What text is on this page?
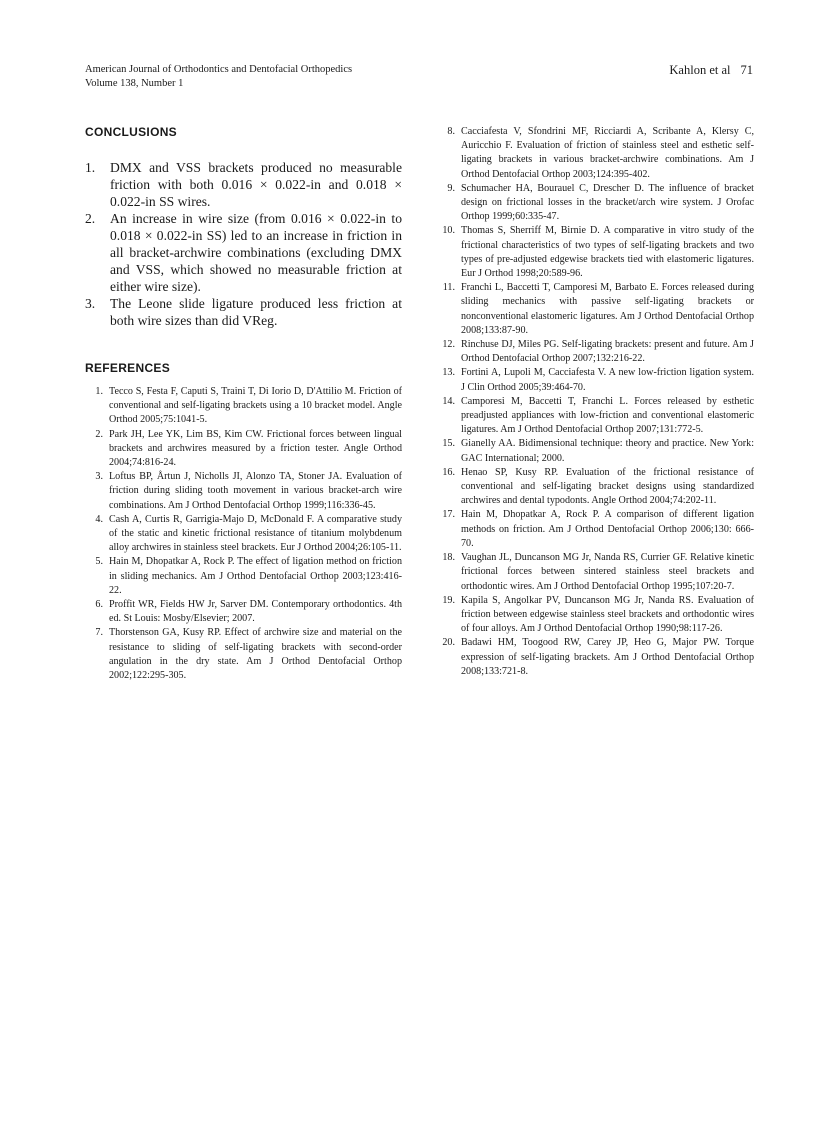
American Journal of Orthodontics and Dentofacial Orthopedics
Volume 138, Number 1
Kahlon et al 71
CONCLUSIONS
1.	DMX and VSS brackets produced no measurable friction with both 0.016 × 0.022-in and 0.018 × 0.022-in SS wires.
2.	An increase in wire size (from 0.016 × 0.022-in to 0.018 × 0.022-in SS) led to an increase in friction in all bracket-archwire combinations (excluding DMX and VSS, which showed no measurable friction at either wire size).
3.	The Leone slide ligature produced less friction at both wire sizes than did VReg.
REFERENCES
1. Tecco S, Festa F, Caputi S, Traini T, Di Iorio D, D'Attilio M. Friction of conventional and self-ligating brackets using a 10 bracket model. Angle Orthod 2005;75:1041-5.
2. Park JH, Lee YK, Lim BS, Kim CW. Frictional forces between lingual brackets and archwires measured by a friction tester. Angle Orthod 2004;74:816-24.
3. Loftus BP, Årtun J, Nicholls JI, Alonzo TA, Stoner JA. Evaluation of friction during sliding tooth movement in various bracket-arch wire combinations. Am J Orthod Dentofacial Orthop 1999;116:336-45.
4. Cash A, Curtis R, Garrigia-Majo D, McDonald F. A comparative study of the static and kinetic frictional resistance of titanium molybdenum alloy archwires in stainless steel brackets. Eur J Orthod 2004;26:105-11.
5. Hain M, Dhopatkar A, Rock P. The effect of ligation method on friction in sliding mechanics. Am J Orthod Dentofacial Orthop 2003;123:416-22.
6. Proffit WR, Fields HW Jr, Sarver DM. Contemporary orthodontics. 4th ed. St Louis: Mosby/Elsevier; 2007.
7. Thorstenson GA, Kusy RP. Effect of archwire size and material on the resistance to sliding of self-ligating brackets with second-order angulation in the dry state. Am J Orthod Dentofacial Orthop 2002;122:295-305.
8. Cacciafesta V, Sfondrini MF, Ricciardi A, Scribante A, Klersy C, Auricchio F. Evaluation of friction of stainless steel and esthetic self-ligating brackets in various bracket-archwire combinations. Am J Orthod Dentofacial Orthop 2003;124:395-402.
9. Schumacher HA, Bourauel C, Drescher D. The influence of bracket design on frictional losses in the bracket/arch wire system. J Orofac Orthop 1999;60:335-47.
10. Thomas S, Sherriff M, Birnie D. A comparative in vitro study of the frictional characteristics of two types of self-ligating brackets and two types of pre-adjusted edgewise brackets tied with elastomeric ligatures. Eur J Orthod 1998;20:589-96.
11. Franchi L, Baccetti T, Camporesi M, Barbato E. Forces released during sliding mechanics with passive self-ligating brackets or nonconventional elastomeric ligatures. Am J Orthod Dentofacial Orthop 2008;133:87-90.
12. Rinchuse DJ, Miles PG. Self-ligating brackets: present and future. Am J Orthod Dentofacial Orthop 2007;132:216-22.
13. Fortini A, Lupoli M, Cacciafesta V. A new low-friction ligation system. J Clin Orthod 2005;39:464-70.
14. Camporesi M, Baccetti T, Franchi L. Forces released by esthetic preadjusted appliances with low-friction and conventional elastomeric ligatures. Am J Orthod Dentofacial Orthop 2007;131:772-5.
15. Gianelly AA. Bidimensional technique: theory and practice. New York: GAC International; 2000.
16. Henao SP, Kusy RP. Evaluation of the frictional resistance of conventional and self-ligating bracket designs using standardized archwires and dental typodonts. Angle Orthod 2004;74:202-11.
17. Hain M, Dhopatkar A, Rock P. A comparison of different ligation methods on friction. Am J Orthod Dentofacial Orthop 2006;130: 666-70.
18. Vaughan JL, Duncanson MG Jr, Nanda RS, Currier GF. Relative kinetic frictional forces between sintered stainless steel brackets and orthodontic wires. Am J Orthod Dentofacial Orthop 1995;107:20-7.
19. Kapila S, Angolkar PV, Duncanson MG Jr, Nanda RS. Evaluation of friction between edgewise stainless steel brackets and orthodontic wires of four alloys. Am J Orthod Dentofacial Orthop 1990;98:117-26.
20. Badawi HM, Toogood RW, Carey JP, Heo G, Major PW. Torque expression of self-ligating brackets. Am J Orthod Dentofacial Orthop 2008;133:721-8.
